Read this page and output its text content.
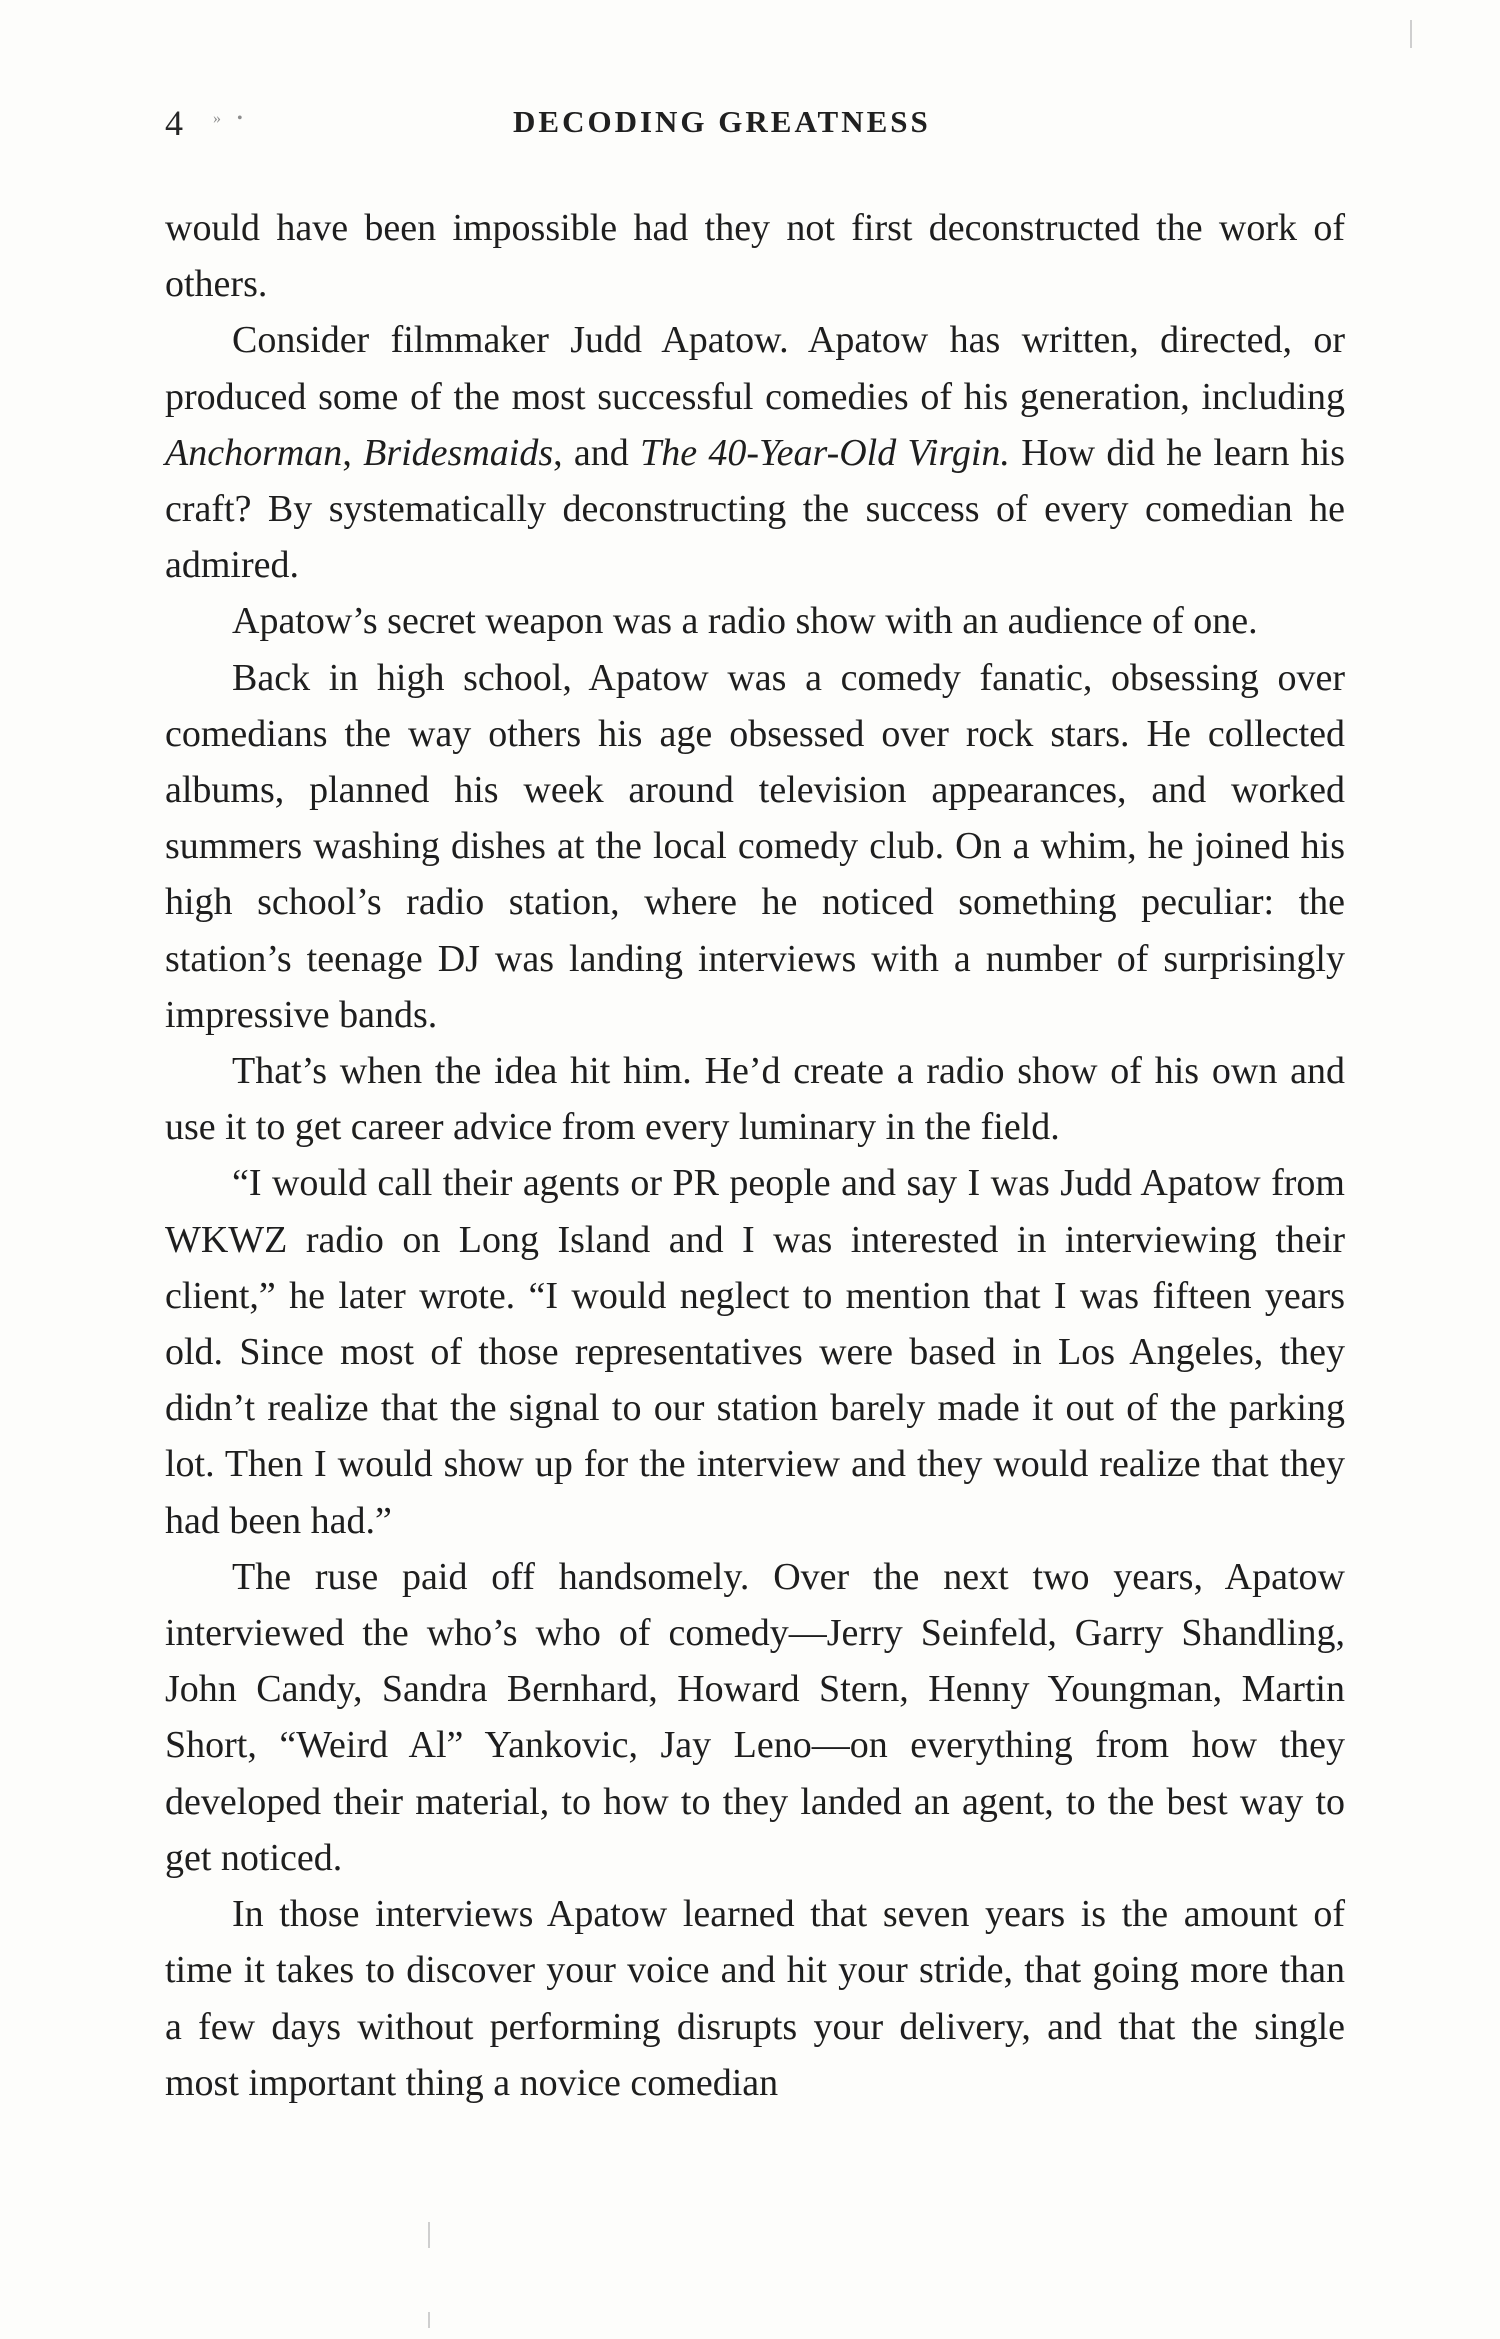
4 » •	DECODING GREATNESS

would have been impossible had they not first deconstructed the work of others.

Consider filmmaker Judd Apatow. Apatow has written, directed, or produced some of the most successful comedies of his generation, including Anchorman, Bridesmaids, and The 40-Year-Old Virgin. How did he learn his craft? By systematically deconstructing the success of every comedian he admired.

Apatow’s secret weapon was a radio show with an audience of one.

Back in high school, Apatow was a comedy fanatic, obsessing over comedians the way others his age obsessed over rock stars. He collected albums, planned his week around television appearances, and worked summers washing dishes at the local comedy club. On a whim, he joined his high school’s radio station, where he noticed something peculiar: the station’s teenage DJ was landing interviews with a number of surprisingly impressive bands.

That’s when the idea hit him. He’d create a radio show of his own and use it to get career advice from every luminary in the field.

“I would call their agents or PR people and say I was Judd Apatow from WKWZ radio on Long Island and I was interested in interviewing their client,” he later wrote. “I would neglect to mention that I was fifteen years old. Since most of those representatives were based in Los Angeles, they didn’t realize that the signal to our station barely made it out of the parking lot. Then I would show up for the interview and they would realize that they had been had.”

The ruse paid off handsomely. Over the next two years, Apatow interviewed the who’s who of comedy—Jerry Seinfeld, Garry Shandling, John Candy, Sandra Bernhard, Howard Stern, Henny Youngman, Martin Short, “Weird Al” Yankovic, Jay Leno—on everything from how they developed their material, to how to they landed an agent, to the best way to get noticed.

In those interviews Apatow learned that seven years is the amount of time it takes to discover your voice and hit your stride, that going more than a few days without performing disrupts your delivery, and that the single most important thing a novice comedian
